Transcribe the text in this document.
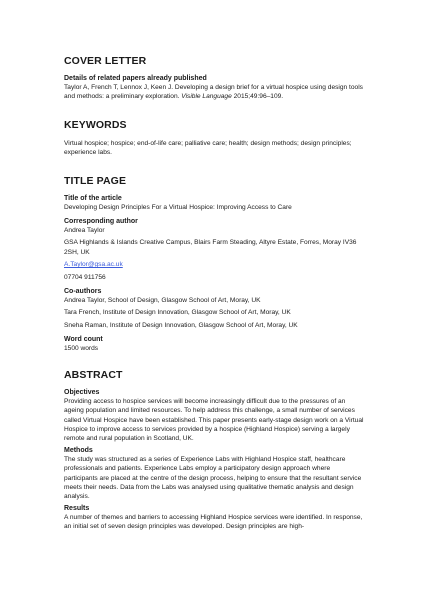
COVER LETTER
Details of related papers already published

Taylor A, French T, Lennox J, Keen J. Developing a design brief for a virtual hospice using design tools and methods: a preliminary exploration. Visible Language 2015;49:96–109.

KEYWORDS

Virtual hospice; hospice; end-of-life care; palliative care; health; design methods; design principles; experience labs.

TITLE PAGE
Title of the article

Developing Design Principles For a Virtual Hospice: Improving Access to Care

Corresponding author

Andrea Taylor

GSA Highlands & Islands Creative Campus, Blairs Farm Steading, Altyre Estate, Forres, Moray IV36 2SH, UK

A.Taylor@gsa.ac.uk

07704 911756

Co-authors

Andrea Taylor, School of Design, Glasgow School of Art, Moray, UK

Tara French, Institute of Design Innovation, Glasgow School of Art, Moray, UK

Sneha Raman, Institute of Design Innovation, Glasgow School of Art, Moray, UK

Word count

1500 words

ABSTRACT
Objectives

Providing access to hospice services will become increasingly difficult due to the pressures of an ageing population and limited resources. To help address this challenge, a small number of services called Virtual Hospice have been established. This paper presents early-stage design work on a Virtual Hospice to improve access to services provided by a hospice (Highland Hospice) serving a largely remote and rural population in Scotland, UK.

Methods

The study was structured as a series of Experience Labs with Highland Hospice staff, healthcare professionals and patients. Experience Labs employ a participatory design approach where participants are placed at the centre of the design process, helping to ensure that the resultant service meets their needs. Data from the Labs was analysed using qualitative thematic analysis and design analysis.

Results

A number of themes and barriers to accessing Highland Hospice services were identified. In response, an initial set of seven design principles was developed. Design principles are high-
